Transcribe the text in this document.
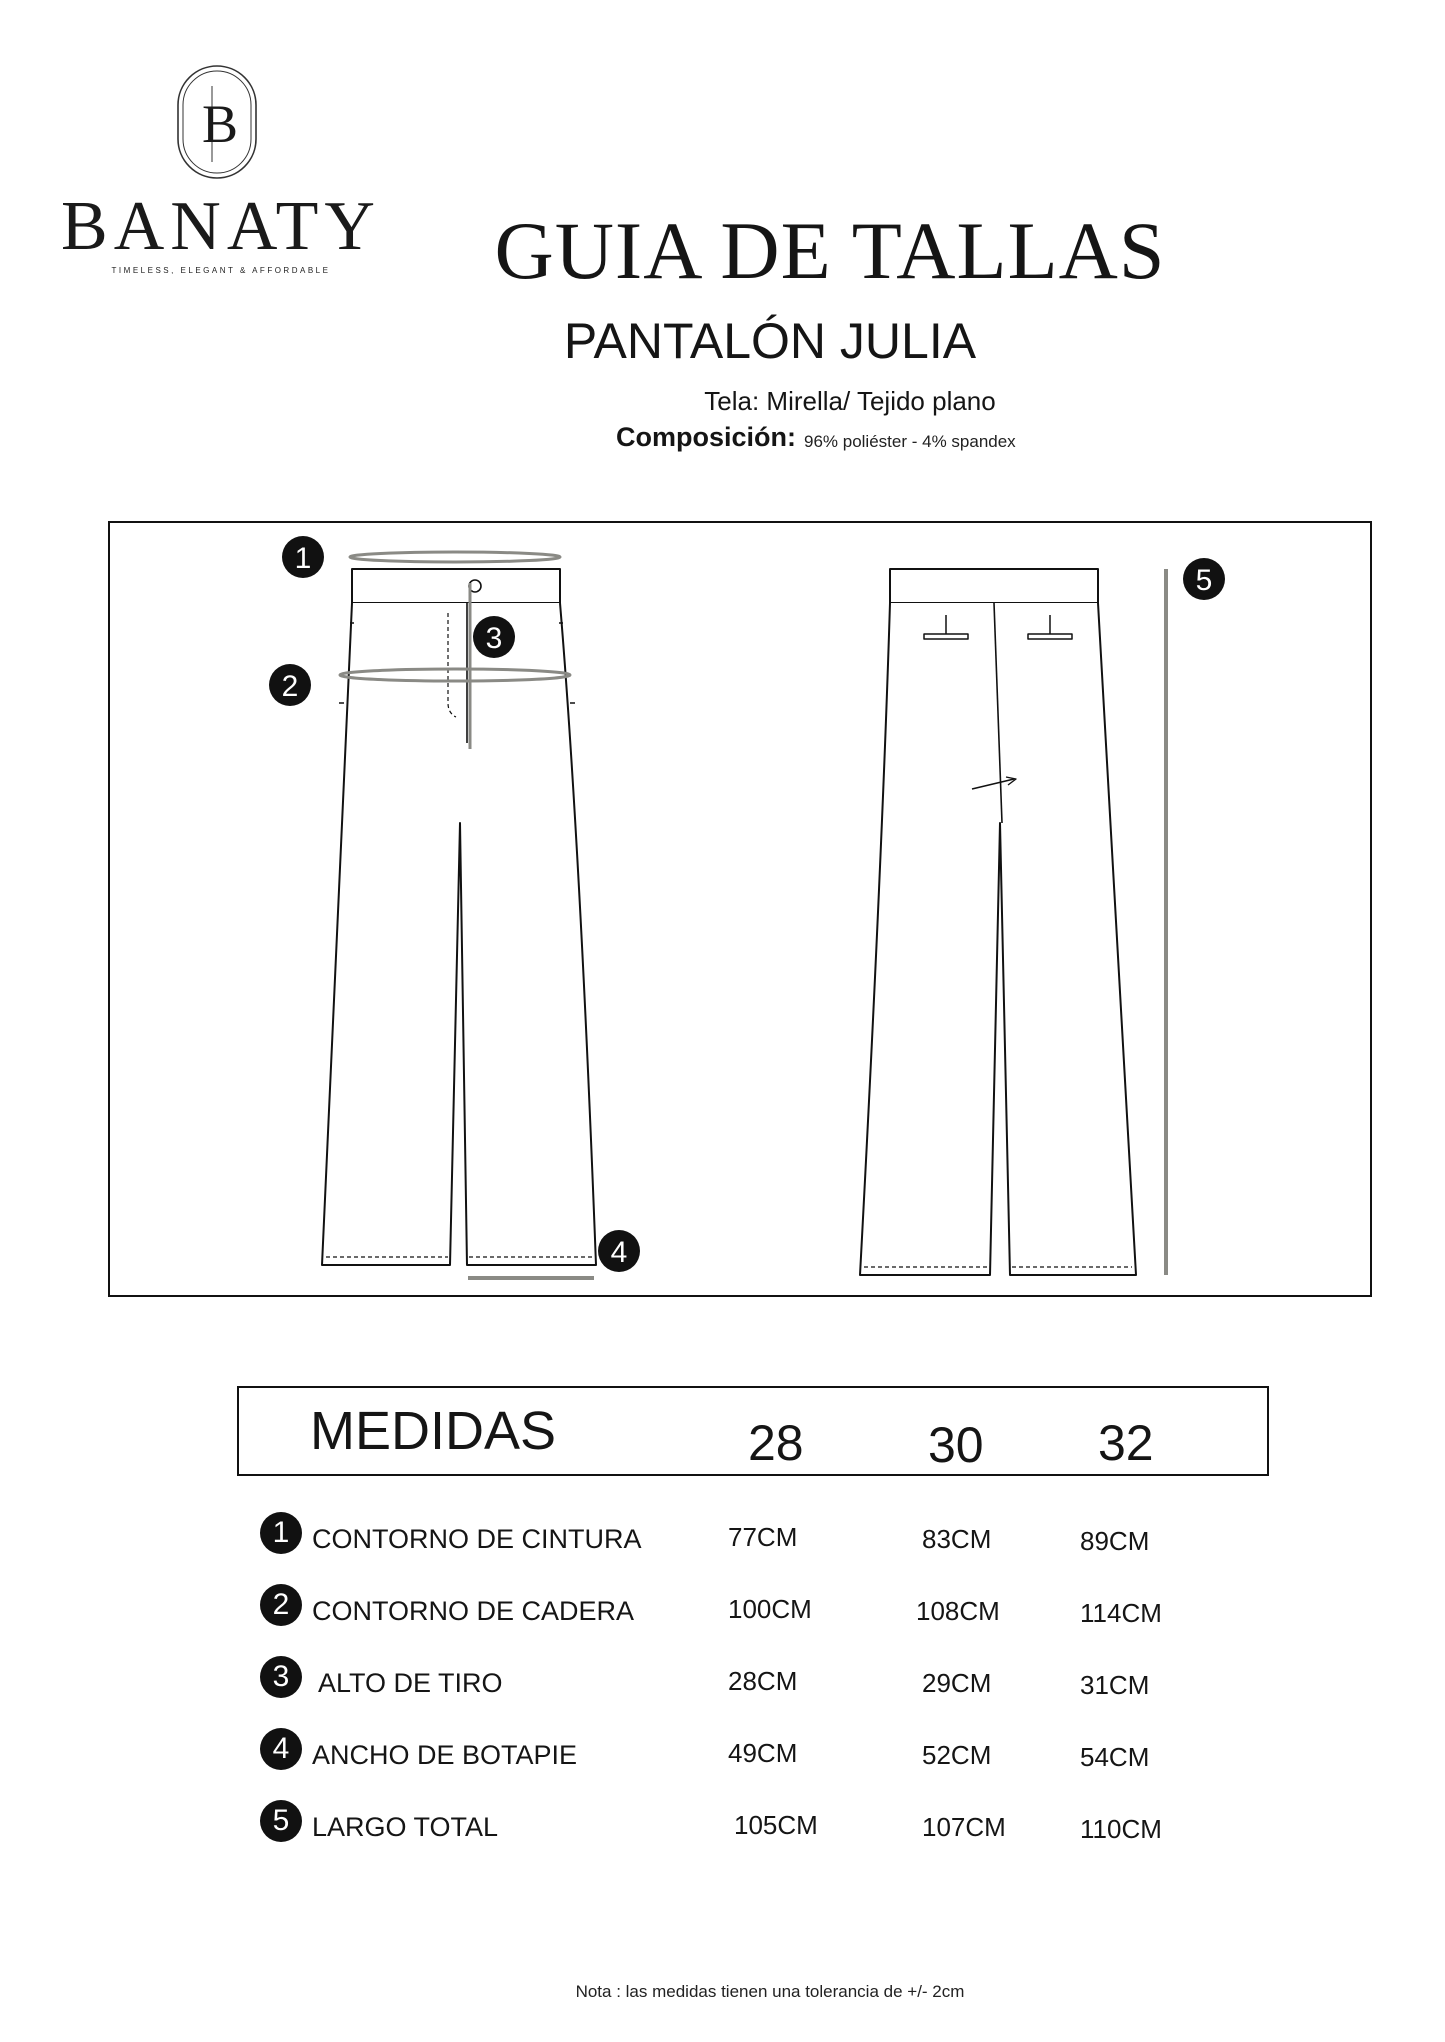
B
BANATY
TIMELESS, ELEGANT & AFFORDABLE	GUIA DE TALLAS
PANTALÓN JULIA
Tela: Mirella/ Tejido plano
Composición: 96% poliéster - 4% spandex
1
2
3
4
5
MEDIDAS	28 30 32
1 CONTORNO DE CINTURA	77CM	83CM	89CM
2 CONTORNO DE CADERA	100CM	108CM	114CM
3	ALTO DE TIRO	28CM	29CM	31CM
4 ANCHO DE BOTAPIE	49CM	52CM	54CM
5 LARGO TOTAL	105CM	107CM	110CM
Nota : las medidas tienen una tolerancia de +/- 2cm
